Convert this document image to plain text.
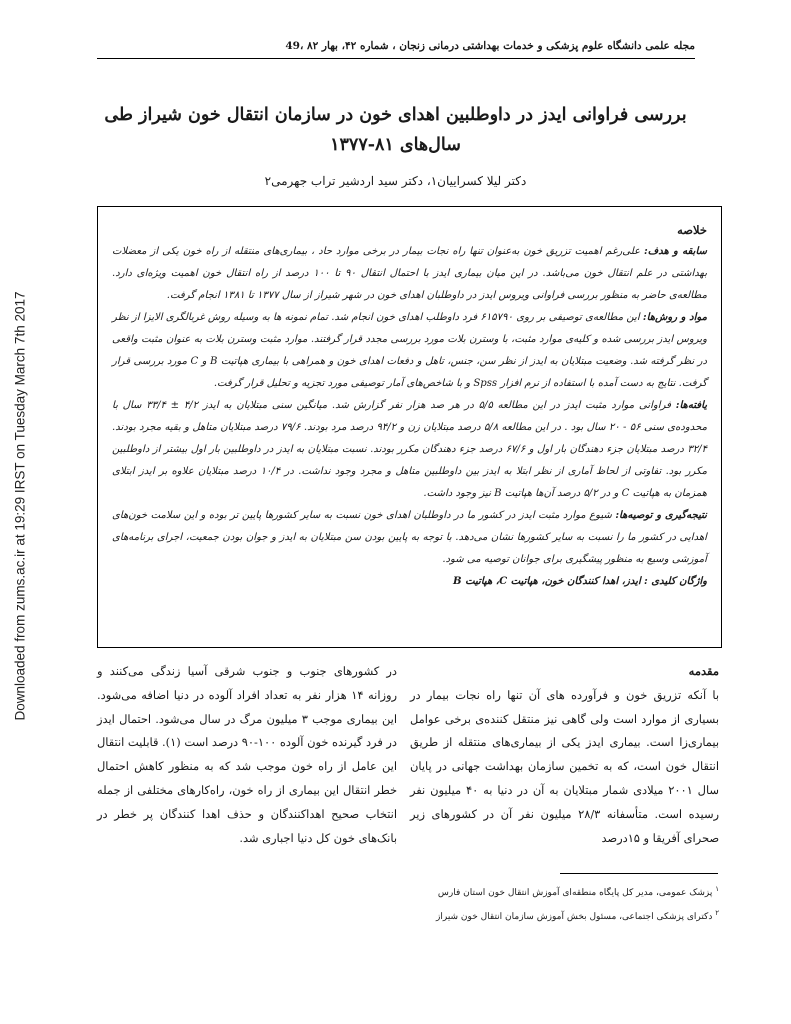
Downloaded from zums.ac.ir at 19:29 IRST on Tuesday March 7th 2017
مجله علمی دانشگاه علوم پزشکی و خدمات بهداشتی درمانی زنجان ، شماره ۴۲، بهار ۸۲ ،49
بررسی فراوانی ایدز در داوطلبین اهدای خون در سازمان انتقال خون شیراز طی سال‌های ۸۱-۱۳۷۷
دکتر لیلا کسراییان۱، دکتر سید اردشیر تراب جهرمی۲

خلاصه

سابقه و هدف: علی‌رغم اهمیت تزریق خون به‌عنوان تنها راه نجات بیمار در برخی موارد حاد ، بیماری‌های منتقله از راه خون یکی از معضلات بهداشتی در علم انتقال خون می‌باشد. در این میان بیماری ایدز با احتمال انتقال ۹۰ تا ۱۰۰ درصد از راه انتقال خون اهمیت ویژه‌ای دارد. مطالعه‌ی حاضر به منظور بررسی فراوانی ویروس ایدز در داوطلبان اهدای خون در شهر شیراز از سال ۱۳۷۷ تا ۱۳۸۱ انجام گرفت.

مواد و روش‌ها: این مطالعه‌ی توصیفی بر روی ۶۱۵۷۹۰ فرد داوطلب اهدای خون انجام شد. تمام نمونه ها به وسیله روش غربالگری الایزا از نظر ویروس ایدز بررسی شده و کلیه‌ی موارد مثبت، با وسترن بلات مورد بررسی مجدد قرار گرفتند. موارد مثبت وسترن بلات به عنوان مثبت واقعی در نظر گرفته شد. وضعیت مبتلایان به ایدز از نظر سن، جنس، تاهل و دفعات اهدای خون و همراهی با بیماری هپاتیت B و C مورد بررسی قرار گرفت. نتایج به دست آمده با استفاده از نرم افزار Spss و با شاخص‌های آمار توصیفی مورد تجزیه و تحلیل قرار گرفت.

یافته‌ها: فراوانی موارد مثبت ایدز در این مطالعه ۵/۵ در هر صد هزار نفر گزارش شد. میانگین سنی مبتلایان به ایدز ۴/۲ ± ۳۳/۴ سال با محدوده‌ی سنی ۵۶ - ۲۰ سال بود . در این مطالعه ۵/۸ درصد مبتلایان زن و ۹۴/۲ درصد مرد بودند. ۷۹/۶ درصد مبتلایان متاهل و بقیه مجرد بودند. ۳۲/۴ درصد مبتلایان جزء دهندگان بار اول و ۶۷/۶ درصد جزء دهندگان مکرر بودند. نسبت مبتلایان به ایدز در داوطلبین بار اول بیشتر از داوطلبین مکرر بود. تفاوتی از لحاظ آماری از نظر ابتلا به ایدز بین داوطلبین متاهل و مجرد وجود نداشت. در ۱۰/۴ درصد مبتلایان علاوه بر ایدز ابتلای همزمان به هپاتیت C و در ۵/۲ درصد آن‌ها هپاتیت B نیز وجود داشت.

نتیجه‌گیری و توصیه‌ها: شیوع موارد مثبت ایدز در کشور ما در داوطلبان اهدای خون نسبت به سایر کشورها پایین تر بوده و این سلامت خون‌های اهدایی در کشور ما را نسبت به سایر کشورها نشان می‌دهد. با توجه به پایین بودن سن مبتلایان به ایدز و جوان بودن جمعیت، اجرای برنامه‌های آموزشی وسیع به منظور پیشگیری برای جوانان توصیه می شود.

واژگان کلیدی : ایدز، اهدا کنندگان خون، هپاتیت C، هپاتیت B

مقدمه

با آنکه تزریق خون و فرآورده های آن تنها راه نجات بیمار در بسیاری از موارد است ولی گاهی نیز منتقل کننده‌ی برخی عوامل بیماری‌زا است. بیماری ایدز یکی از بیماری‌های منتقله از طریق انتقال خون است، که به تخمین سازمان بهداشت جهانی در پایان سال ۲۰۰۱ میلادی شمار مبتلایان به آن در دنیا به ۴۰ میلیون نفر رسیده است. متأسفانه ۲۸/۳ میلیون نفر آن در کشورهای زیر صحرای آفریقا و ۱۵درصد

در کشورهای جنوب و جنوب شرقی آسیا زندگی می‌کنند و روزانه ۱۴ هزار نفر به تعداد افراد آلوده در دنیا اضافه می‌شود. این بیماری موجب ۳ میلیون مرگ در سال می‌شود. احتمال ایدز در فرد گیرنده خون آلوده ۱۰۰-۹۰ درصد است (۱). قابلیت انتقال این عامل از راه خون موجب شد که به منظور کاهش احتمال خطر انتقال این بیماری از راه خون، راه‌کارهای مختلفی از جمله انتخاب صحیح اهداکنندگان و حذف اهدا کنندگان پر خطر در بانک‌های خون کل دنیا اجباری شد.

$^۱$ پزشک عمومی، مدیر کل پایگاه منطقه‌ای آموزش انتقال خون استان فارس
$^۲$ دکترای پزشکی اجتماعی، مسئول بخش آموزش سازمان انتقال خون شیراز
